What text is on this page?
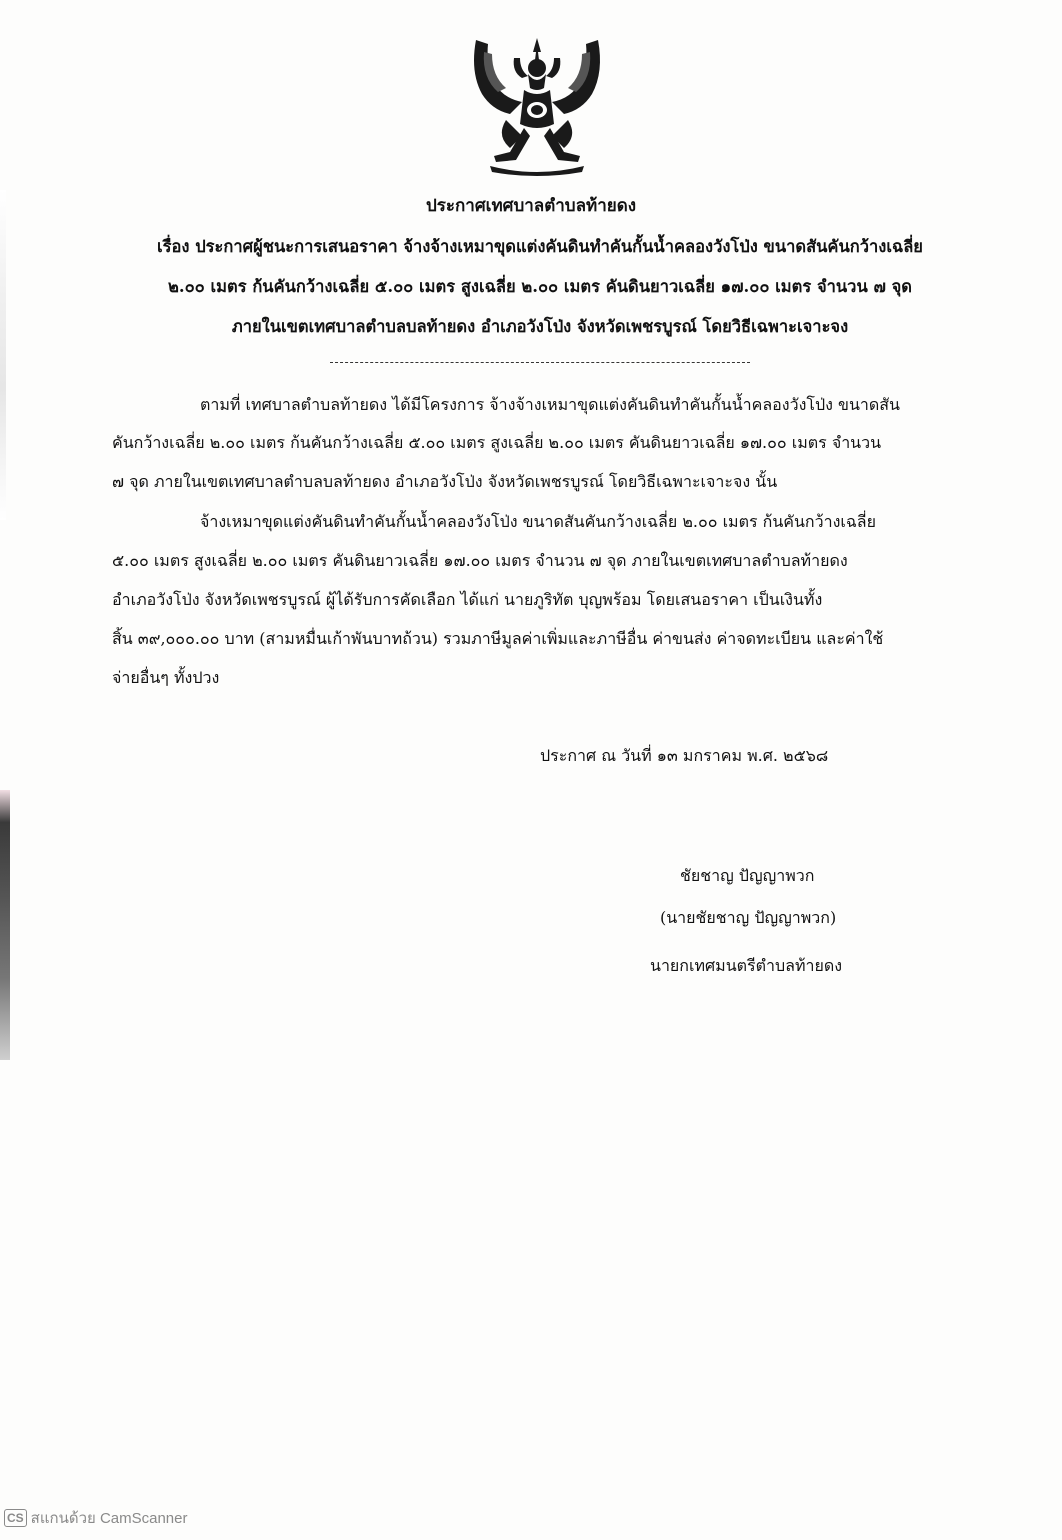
ประกาศเทศบาลตำบลท้ายดง
เรื่อง ประกาศผู้ชนะการเสนอราคา จ้างจ้างเหมาขุดแต่งคันดินทำคันกั้นน้ำคลองวังโป่ง ขนาดสันคันกว้างเฉลี่ย
๒.๐๐ เมตร ก้นคันกว้างเฉลี่ย ๕.๐๐ เมตร สูงเฉลี่ย ๒.๐๐ เมตร คันดินยาวเฉลี่ย ๑๗.๐๐ เมตร จำนวน ๗ จุด
ภายในเขตเทศบาลตำบลบลท้ายดง อำเภอวังโป่ง จังหวัดเพชรบูรณ์ โดยวิธีเฉพาะเจาะจง
ตามที่ เทศบาลตำบลท้ายดง ได้มีโครงการ จ้างจ้างเหมาขุดแต่งคันดินทำคันกั้นน้ำคลองวังโป่ง ขนาดสัน
คันกว้างเฉลี่ย ๒.๐๐ เมตร ก้นคันกว้างเฉลี่ย ๕.๐๐ เมตร สูงเฉลี่ย ๒.๐๐ เมตร คันดินยาวเฉลี่ย ๑๗.๐๐ เมตร จำนวน
๗ จุด ภายในเขตเทศบาลตำบลบลท้ายดง อำเภอวังโป่ง จังหวัดเพชรบูรณ์ โดยวิธีเฉพาะเจาะจง นั้น
จ้างเหมาขุดแต่งคันดินทำคันกั้นน้ำคลองวังโป่ง ขนาดสันคันกว้างเฉลี่ย ๒.๐๐ เมตร ก้นคันกว้างเฉลี่ย
๕.๐๐ เมตร สูงเฉลี่ย ๒.๐๐ เมตร คันดินยาวเฉลี่ย ๑๗.๐๐ เมตร จำนวน ๗ จุด ภายในเขตเทศบาลตำบลท้ายดง
อำเภอวังโป่ง จังหวัดเพชรบูรณ์ ผู้ได้รับการคัดเลือก ได้แก่ นายภูริทัต บุญพร้อม โดยเสนอราคา เป็นเงินทั้ง
สิ้น ๓๙,๐๐๐.๐๐ บาท (สามหมื่นเก้าพันบาทถ้วน) รวมภาษีมูลค่าเพิ่มและภาษีอื่น ค่าขนส่ง ค่าจดทะเบียน และค่าใช้
จ่ายอื่นๆ ทั้งปวง
ประกาศ ณ วันที่ ๑๓ มกราคม พ.ศ. ๒๕๖๘
ชัยชาญ ปัญญาพวก
(นายชัยชาญ ปัญญาพวก)
นายกเทศมนตรีตำบลท้ายดง
CS สแกนด้วย CamScanner
